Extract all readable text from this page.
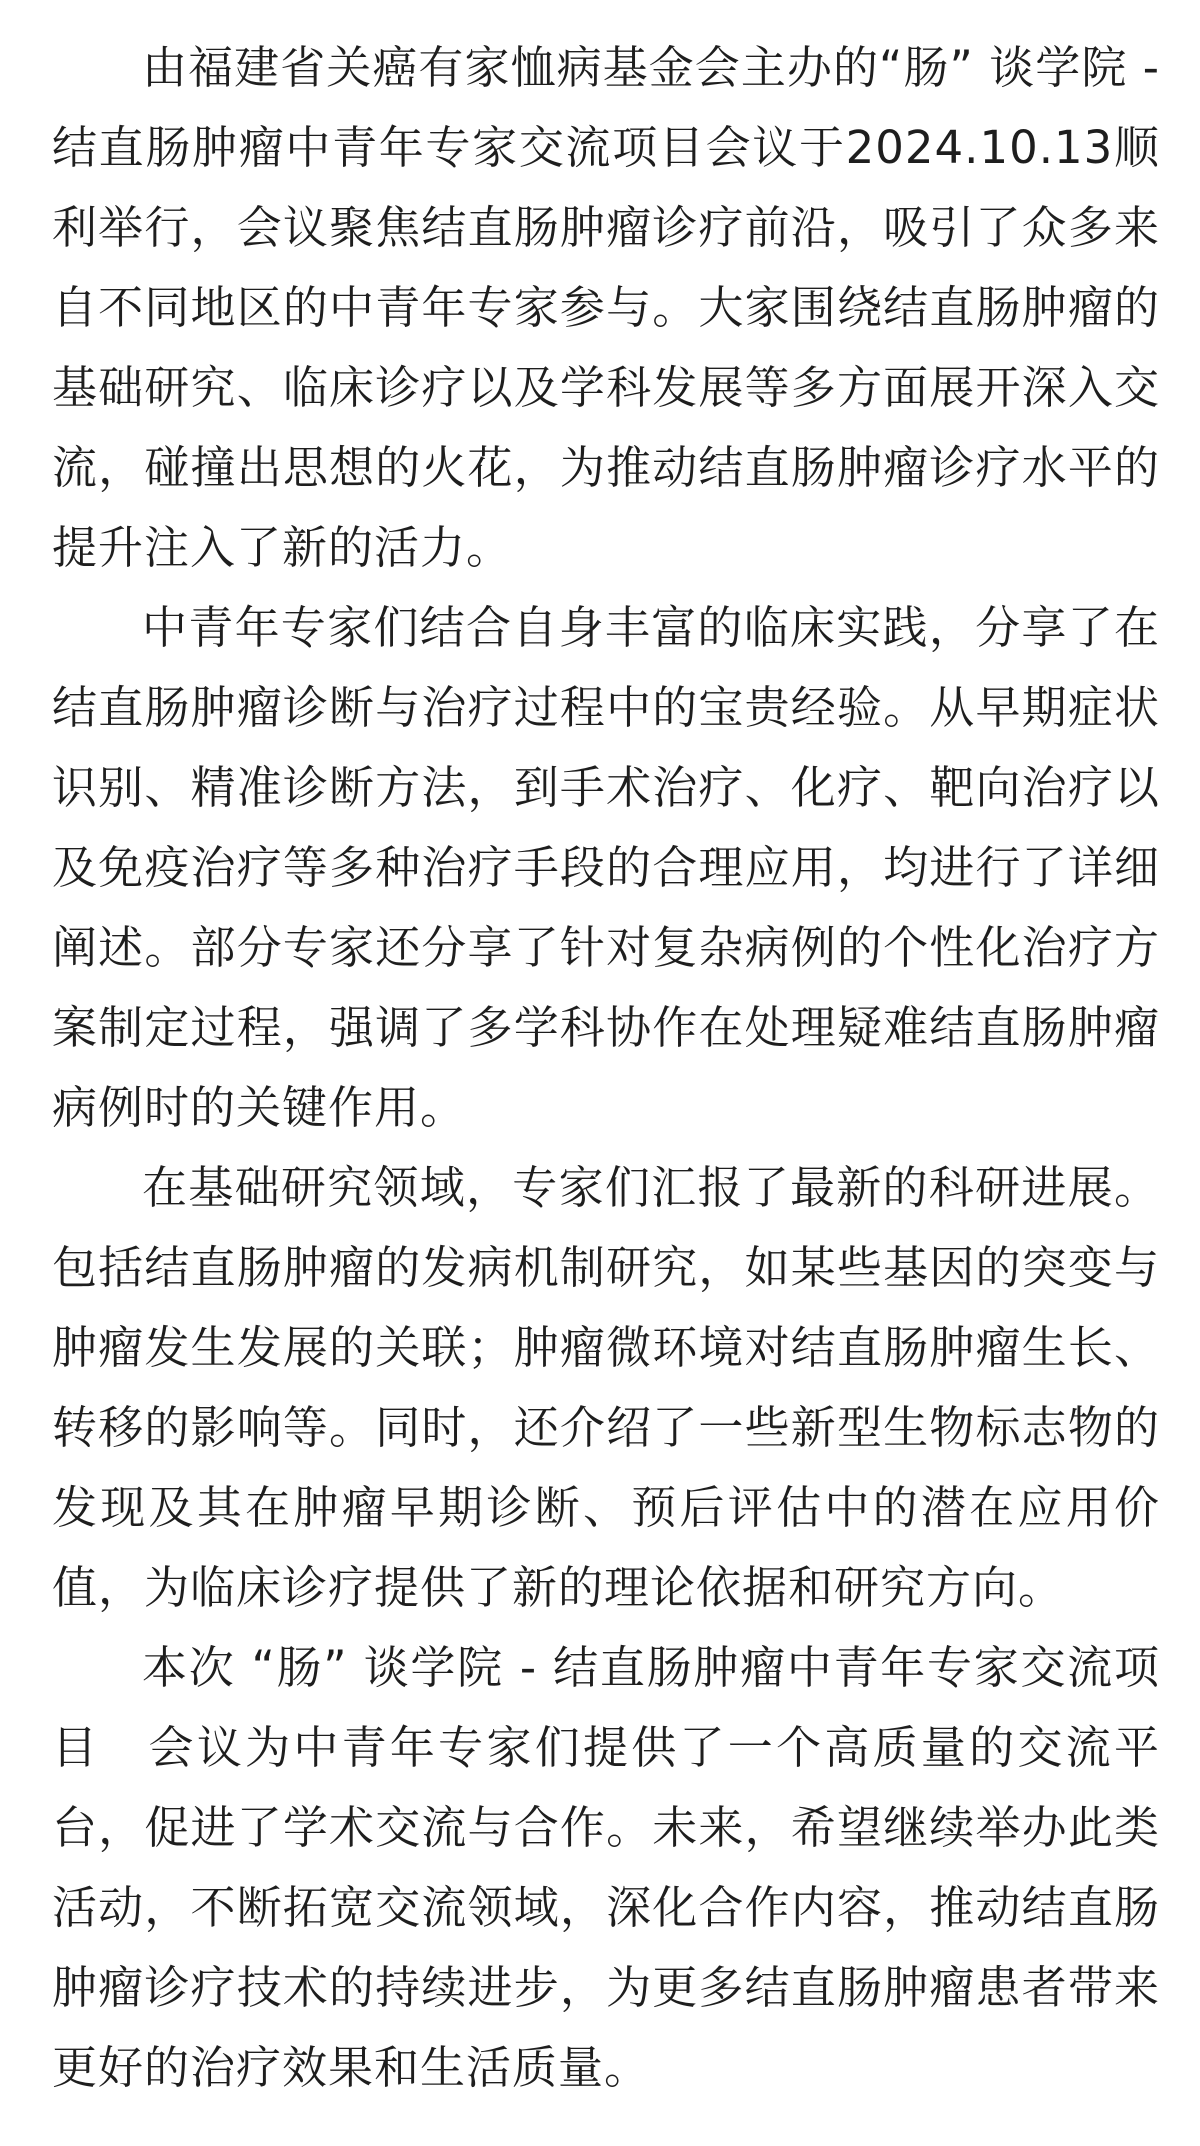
由福建省关癌有家恤病基金会主办的“肠” 谈学院 - 结直肠肿瘤中青年专家交流项目会议于2024.10.13顺利举行，会议聚焦结直肠肿瘤诊疗前沿，吸引了众多来自不同地区的中青年专家参与。大家围绕结直肠肿瘤的基础研究、临床诊疗以及学科发展等多方面展开深入交流，碰撞出思想的火花，为推动结直肠肿瘤诊疗水平的提升注入了新的活力。

中青年专家们结合自身丰富的临床实践，分享了在结直肠肿瘤诊断与治疗过程中的宝贵经验。从早期症状识别、精准诊断方法，到手术治疗、化疗、靶向治疗以及免疫治疗等多种治疗手段的合理应用，均进行了详细阐述。部分专家还分享了针对复杂病例的个性化治疗方案制定过程，强调了多学科协作在处理疑难结直肠肿瘤病例时的关键作用。

在基础研究领域，专家们汇报了最新的科研进展。包括结直肠肿瘤的发病机制研究，如某些基因的突变与肿瘤发生发展的关联；肿瘤微环境对结直肠肿瘤生长、转移的影响等。同时，还介绍了一些新型生物标志物的发现及其在肿瘤早期诊断、预后评估中的潜在应用价值，为临床诊疗提供了新的理论依据和研究方向。

本次 “肠” 谈学院 - 结直肠肿瘤中青年专家交流项目　会议为中青年专家们提供了一个高质量的交流平台，促进了学术交流与合作。未来，希望继续举办此类活动，不断拓宽交流领域，深化合作内容，推动结直肠肿瘤诊疗技术的持续进步，为更多结直肠肿瘤患者带来更好的治疗效果和生活质量。
